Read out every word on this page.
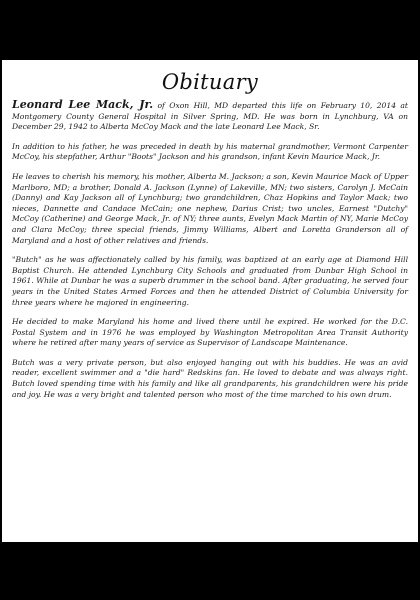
Obituary

Leonard Lee Mack, Jr. of Oxon Hill, MD departed this life on February 10, 2014 at Montgomery County General Hospital in Silver Spring, MD. He was born in Lynchburg, VA on December 29, 1942 to Alberta McCoy Mack and the late Leonard Lee Mack, Sr.

In addition to his father, he was preceded in death by his maternal grandmother, Vermont Carpenter McCoy, his stepfather, Arthur "Boots" Jackson and his grandson, infant Kevin Maurice Mack, Jr.

He leaves to cherish his memory, his mother, Alberta M. Jackson; a son, Kevin Maurice Mack of Upper Marlboro, MD; a brother, Donald A. Jackson (Lynne) of Lakeville, MN; two sisters, Carolyn J. McCain (Danny) and Kay Jackson all of Lynchburg; two grandchildren, Chaz Hopkins and Taylor Mack; two nieces, Dannette and Candace McCain; one nephew, Darius Crist; two uncles, Earnest "Dutchy" McCoy (Catherine) and George Mack, Jr. of NY; three aunts, Evelyn Mack Martin of NY, Marie McCoy and Clara McCoy; three special friends, Jimmy Williams, Albert and Loretta Granderson all of Maryland and a host of other relatives and friends.

"Butch" as he was affectionately called by his family, was baptized at an early age at Diamond Hill Baptist Church. He attended Lynchburg City Schools and graduated from Dunbar High School in 1961. While at Dunbar he was a superb drummer in the school band. After graduating, he served four years in the United States Armed Forces and then he attended District of Columbia University for three years where he majored in engineering.

He decided to make Maryland his home and lived there until he expired. He worked for the D.C. Postal System and in 1976 he was employed by Washington Metropolitan Area Transit Authority where he retired after many years of service as Supervisor of Landscape Maintenance.

Butch was a very private person, but also enjoyed hanging out with his buddies. He was an avid reader, excellent swimmer and a "die hard" Redskins fan. He loved to debate and was always right. Butch loved spending time with his family and like all grandparents, his grandchildren were his pride and joy. He was a very bright and talented person who most of the time marched to his own drum.
